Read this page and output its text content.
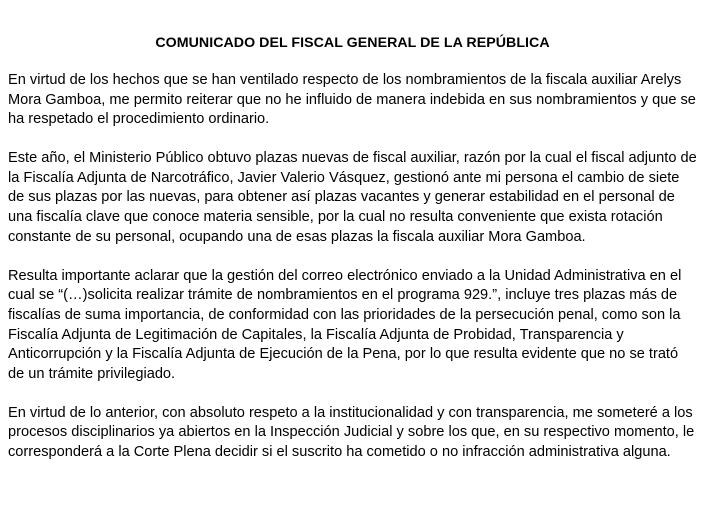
COMUNICADO DEL FISCAL GENERAL DE LA REPÚBLICA

En virtud de los hechos que se han ventilado respecto de los nombramientos de la fiscala auxiliar Arelys Mora Gamboa, me permito reiterar que no he influido de manera indebida en sus nombramientos y que se ha respetado el procedimiento ordinario.

Este año, el Ministerio Público obtuvo plazas nuevas de fiscal auxiliar, razón por la cual el fiscal adjunto de la Fiscalía Adjunta de Narcotráfico, Javier Valerio Vásquez, gestionó ante mi persona el cambio de siete de sus plazas por las nuevas, para obtener así plazas vacantes y generar estabilidad en el personal de una fiscalía clave que conoce materia sensible, por la cual no resulta conveniente que exista rotación constante de su personal, ocupando una de esas plazas la fiscala auxiliar Mora Gamboa.

Resulta importante aclarar que la gestión del correo electrónico enviado a la Unidad Administrativa en el cual se “(…)solicita realizar trámite de nombramientos en el programa 929.”, incluye tres plazas más de fiscalías de suma importancia, de conformidad con las prioridades de la persecución penal, como son la Fiscalía Adjunta de Legitimación de Capitales, la Fiscalía Adjunta de Probidad, Transparencia y Anticorrupción y la Fiscalía Adjunta de Ejecución de la Pena, por lo que resulta evidente que no se trató de un trámite privilegiado.

En virtud de lo anterior, con absoluto respeto a la institucionalidad y con transparencia, me someteré a los procesos disciplinarios ya abiertos en la Inspección Judicial y sobre los que, en su respectivo momento, le corresponderá a la Corte Plena decidir si el suscrito ha cometido o no infracción administrativa alguna.
